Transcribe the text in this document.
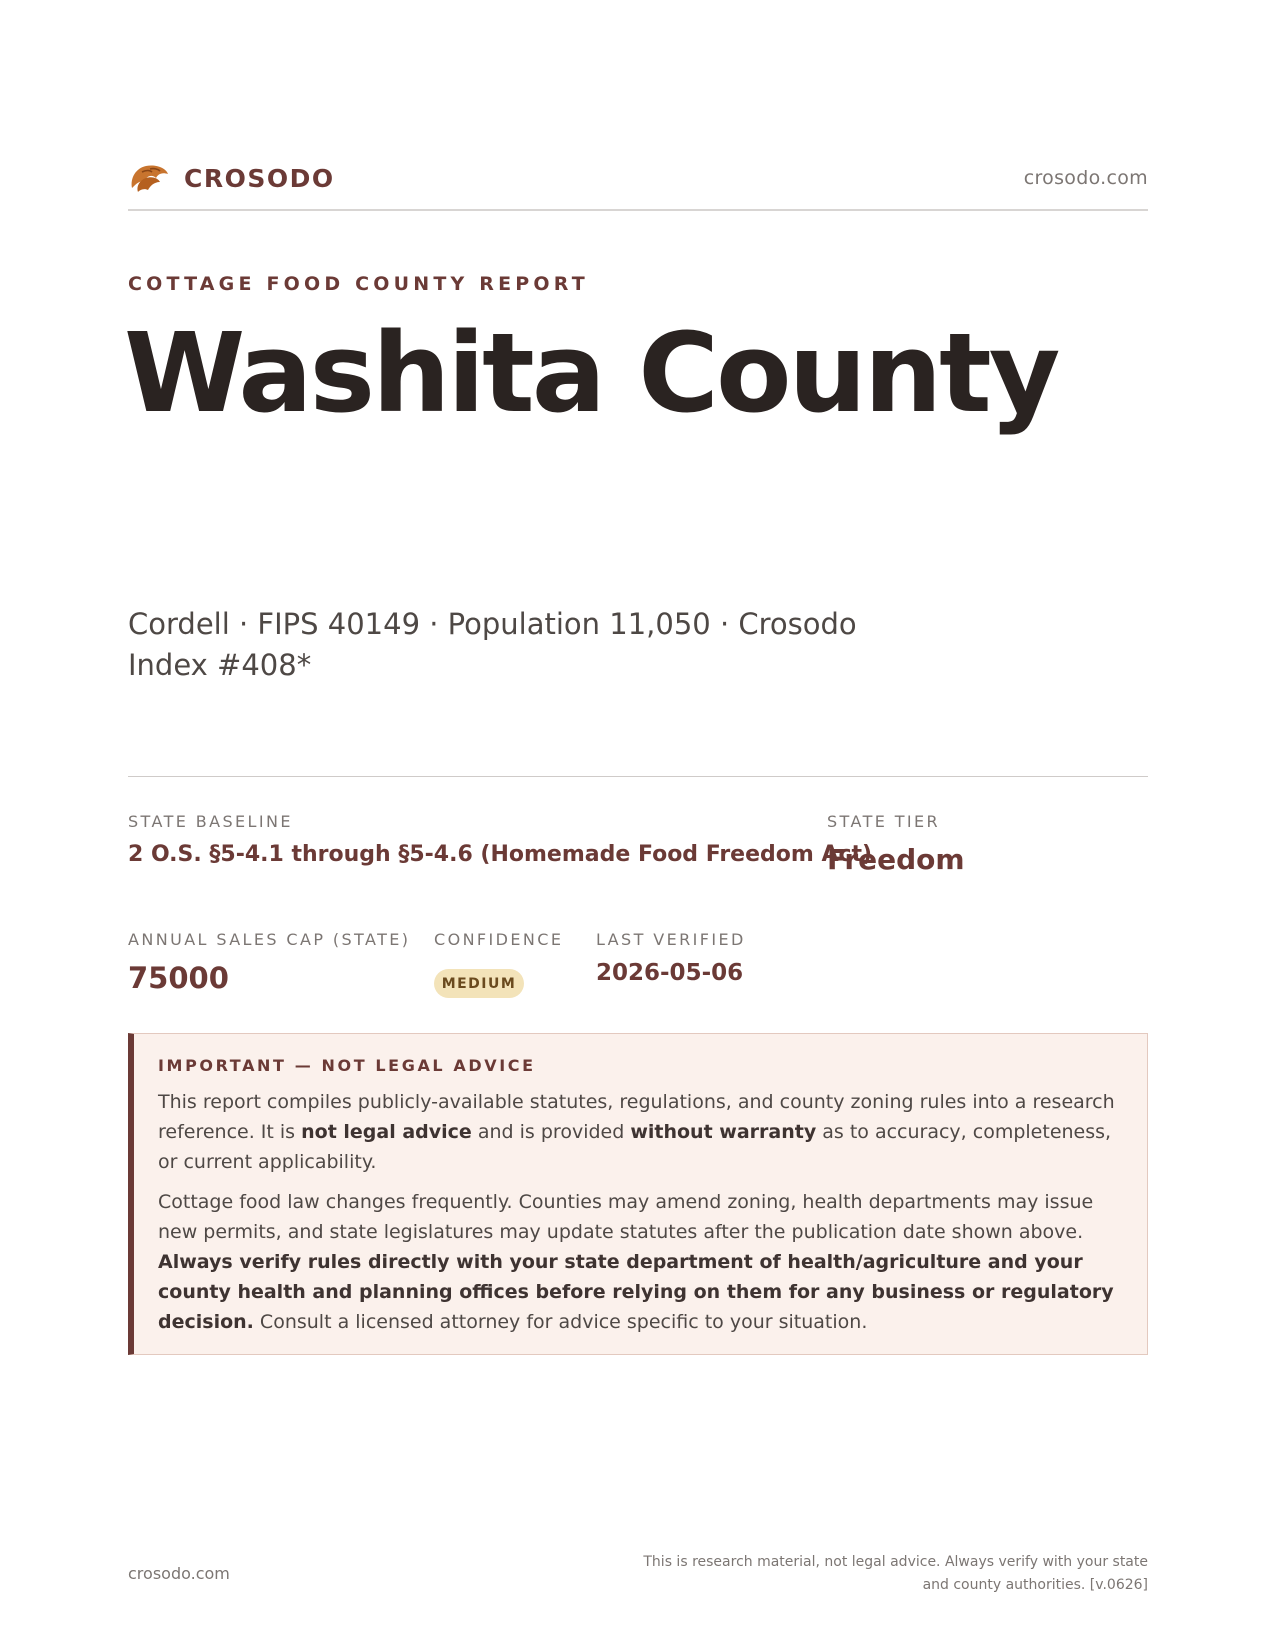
CROSODO	crosodo.com
COTTAGE FOOD COUNTY REPORT
Washita County
Cordell · FIPS 40149 · Population 11,050 · Crosodo Index #408*
STATE BASELINE
2 O.S. §5-4.1 through §5-4.6 (Homemade Food Freedom Act)
STATE TIER
Freedom
ANNUAL SALES CAP (STATE)
75000
CONFIDENCE
MEDIUM
LAST VERIFIED
2026-05-06
IMPORTANT — NOT LEGAL ADVICE

This report compiles publicly-available statutes, regulations, and county zoning rules into a research reference. It is not legal advice and is provided without warranty as to accuracy, completeness, or current applicability.

Cottage food law changes frequently. Counties may amend zoning, health departments may issue new permits, and state legislatures may update statutes after the publication date shown above. Always verify rules directly with your state department of health/agriculture and your county health and planning offices before relying on them for any business or regulatory decision. Consult a licensed attorney for advice specific to your situation.

crosodo.com
This is research material, not legal advice. Always verify with your state
and county authorities. [v.0626]
